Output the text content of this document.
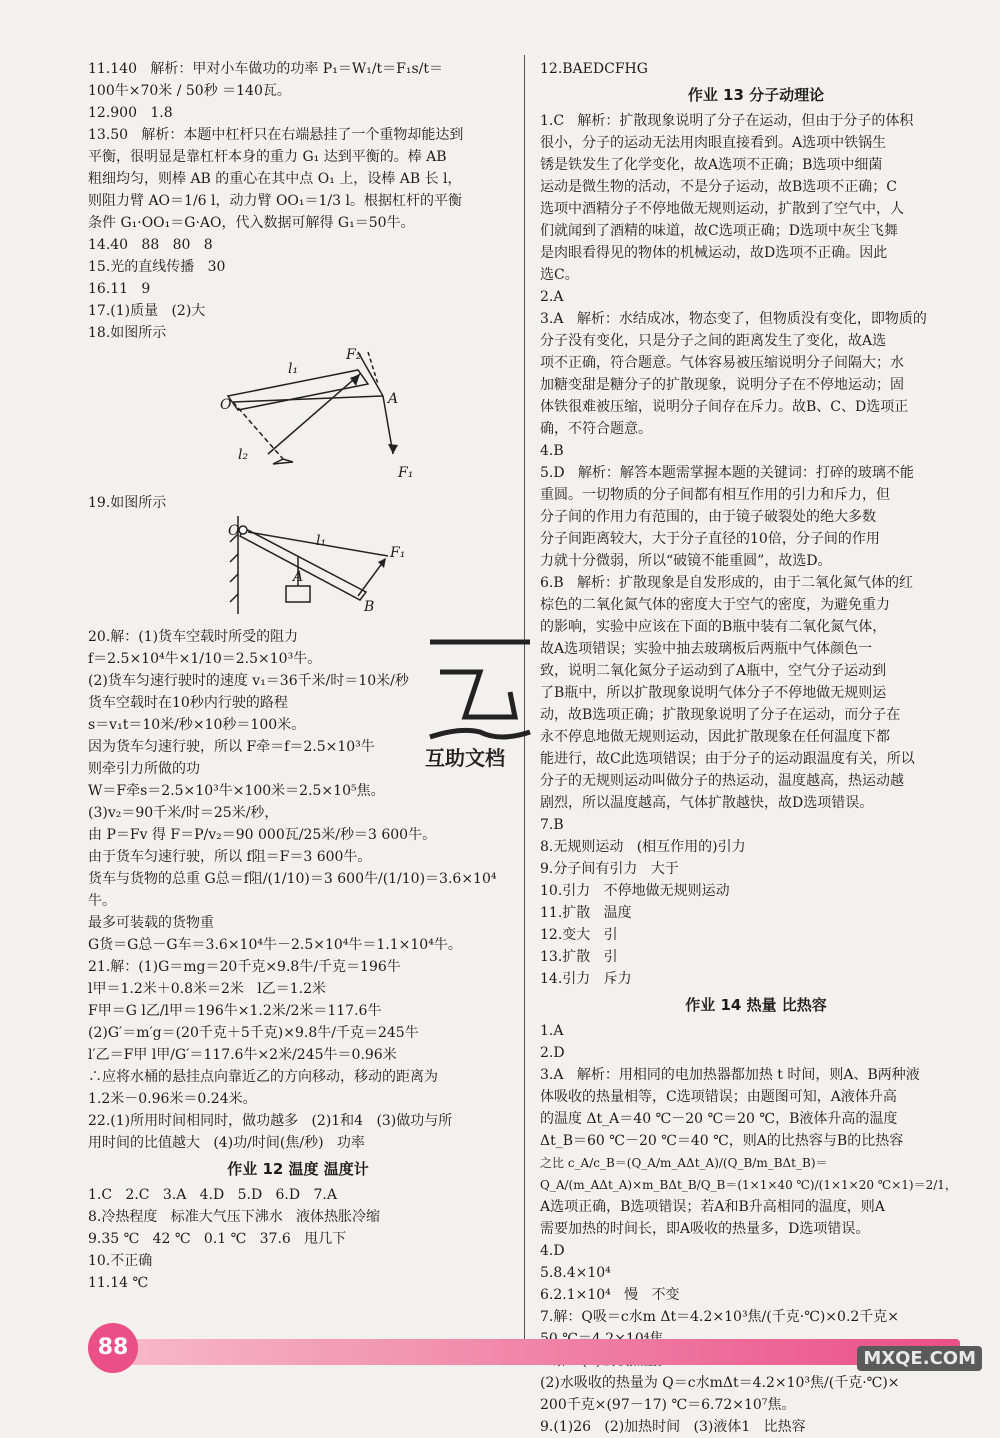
11.140   解析：甲对小车做功的功率 P₁＝W₁/t＝F₁s/t＝
100牛×70米 / 50秒 ＝140瓦。
12.900   1.8
13.50   解析：本题中杠杆只在右端悬挂了一个重物却能达到
平衡，很明显是靠杠杆本身的重力 G₁ 达到平衡的。棒 AB
粗细均匀，则棒 AB 的重心在其中点 O₁ 上，设棒 AB 长 l，
则阻力臂 AO＝1/6 l，动力臂 OO₁＝1/3 l。根据杠杆的平衡
条件 G₁·OO₁＝G·AO，代入数据可解得 G₁＝50牛。
14.40   88   80   8
15.光的直线传播   30
16.11   9
17.(1)质量   (2)大
18.如图所示
O	A
l₁
l₂
F₁
F₂
19.如图所示
O
A
B
l₁
F₁
20.解：(1)货车空载时所受的阻力
f＝2.5×10⁴牛×1/10＝2.5×10³牛。
(2)货车匀速行驶时的速度 v₁＝36千米/时＝10米/秒
货车空载时在10秒内行驶的路程
s＝v₁t＝10米/秒×10秒＝100米。
因为货车匀速行驶，所以 F牵＝f＝2.5×10³牛
则牵引力所做的功
W＝F牵s＝2.5×10³牛×100米＝2.5×10⁵焦。
(3)v₂＝90千米/时＝25米/秒，
由 P＝Fv 得 F＝P/v₂＝90 000瓦/25米/秒＝3 600牛。
由于货车匀速行驶，所以 f阻＝F＝3 600牛。
货车与货物的总重 G总＝f阻/(1/10)＝3 600牛/(1/10)＝3.6×10⁴牛。
最多可装载的货物重
G货＝G总－G车＝3.6×10⁴牛－2.5×10⁴牛＝1.1×10⁴牛。
21.解：(1)G＝mg＝20千克×9.8牛/千克＝196牛
l甲＝1.2米＋0.8米＝2米   l乙＝1.2米
F甲＝G l乙/l甲＝196牛×1.2米/2米＝117.6牛
(2)G′＝m′g＝(20千克＋5千克)×9.8牛/千克＝245牛
l′乙＝F甲 l甲/G′＝117.6牛×2米/245牛＝0.96米
∴应将水桶的悬挂点向靠近乙的方向移动，移动的距离为
1.2米－0.96米＝0.24米。
22.(1)所用时间相同时，做功越多   (2)1和4   (3)做功与所
用时间的比值越大   (4)功/时间(焦/秒)   功率
作业 12 温度 温度计
1.C   2.C   3.A   4.D   5.D   6.D   7.A
8.冷热程度   标准大气压下沸水   液体热胀冷缩
9.35 ℃   42 ℃   0.1 ℃   37.6   甩几下
10.不正确
11.14 ℃
12.BAEDCFHG
作业 13 分子动理论
1.C   解析：扩散现象说明了分子在运动，但由于分子的体积
很小，分子的运动无法用肉眼直接看到。A选项中铁锅生
锈是铁发生了化学变化，故A选项不正确；B选项中细菌
运动是微生物的活动，不是分子运动，故B选项不正确；C
选项中酒精分子不停地做无规则运动，扩散到了空气中，人
们就闻到了酒精的味道，故C选项正确；D选项中灰尘飞舞
是肉眼看得见的物体的机械运动，故D选项不正确。因此
选C。
2.A
3.A   解析：水结成冰，物态变了，但物质没有变化，即物质的
分子没有变化，只是分子之间的距离发生了变化，故A选
项不正确，符合题意。气体容易被压缩说明分子间隔大；水
加糖变甜是糖分子的扩散现象，说明分子在不停地运动；固
体铁很难被压缩，说明分子间存在斥力。故B、C、D选项正
确，不符合题意。
4.B
5.D   解析：解答本题需掌握本题的关键词：打碎的玻璃不能
重圆。一切物质的分子间都有相互作用的引力和斥力，但
分子间的作用力有范围的，由于镜子破裂处的绝大多数
分子间距离较大，大于分子直径的10倍，分子间的作用
力就十分微弱，所以“破镜不能重圆”，故选D。
6.B   解析：扩散现象是自发形成的，由于二氧化氮气体的红
棕色的二氧化氮气体的密度大于空气的密度，为避免重力
的影响，实验中应该在下面的B瓶中装有二氧化氮气体，
故A选项错误；实验中抽去玻璃板后两瓶中气体颜色一
致，说明二氧化氮分子运动到了A瓶中，空气分子运动到
了B瓶中，所以扩散现象说明气体分子不停地做无规则运
动，故B选项正确；扩散现象说明了分子在运动，而分子在
永不停息地做无规则运动，因此扩散现象在任何温度下都
能进行，故C此选项错误；由于分子的运动跟温度有关，所以
分子的无规则运动叫做分子的热运动，温度越高，热运动越
剧烈，所以温度越高，气体扩散越快，故D选项错误。
7.B
8.无规则运动   (相互作用的)引力
9.分子间有引力   大于
10.引力   不停地做无规则运动
11.扩散   温度
12.变大   引
13.扩散   引
14.引力   斥力
作业 14 热量 比热容
1.A
2.D
3.A   解析：用相同的电加热器都加热 t 时间，则A、B两种液
体吸收的热量相等，C选项错误；由题图可知，A液体升高
的温度 Δt_A＝40 ℃－20 ℃＝20 ℃，B液体升高的温度
Δt_B＝60 ℃－20 ℃＝40 ℃，则A的比热容与B的比热容
之比 c_A/c_B＝(Q_A/m_AΔt_A)/(Q_B/m_BΔt_B)＝Q_A/(m_AΔt_A)×m_BΔt_B/Q_B＝(1×1×40 ℃)/(1×1×20 ℃×1)＝2/1，
A选项正确，B选项错误；若A和B升高相同的温度，则A
需要加热的时间长，即A吸收的热量多，D选项错误。
4.D
5.8.4×10⁴
6.2.1×10⁴   慢   不变
7.解：Q吸＝c水m Δt＝4.2×10³焦/(千克·℃)×0.2千克×
(2)水吸收的热量为 Q＝c水mΔt＝4.2×10³焦/(千克·℃)×
200千克×(97－17) ℃＝6.72×10⁷焦。
9.(1)26   (2)加热时间   (3)液体1   比热容
互助文档
88	MXQE.COM
